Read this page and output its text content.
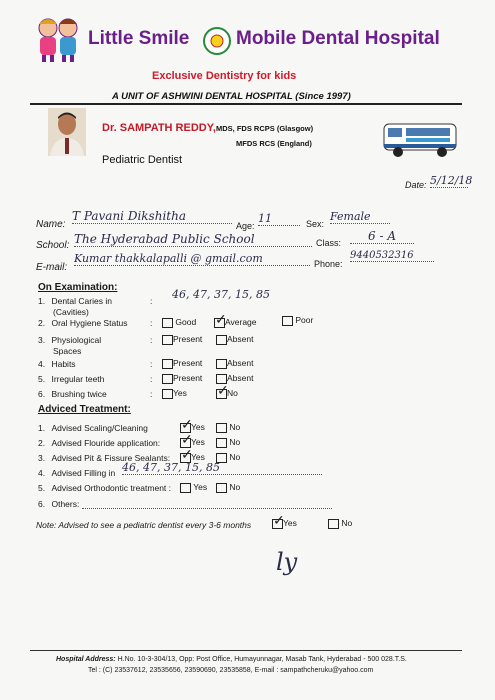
Little Smile Mobile Dental Hospital
Exclusive Dentistry for kids
A UNIT OF ASHWINI DENTAL HOSPITAL (Since 1997)
Dr. SAMPATH REDDY, MDS, FDS RCPS (Glasgow)
MFDS RCS (England)
Pediatric Dentist
Date: 5/12/18
Name:
T Pavani Dikshitha
Age:
11	Sex:
Female
School: The Hyderabad Public School	Class:	6 - A
E-mail:
Kumar thakkalapalli @ gmail.com	Phone:
9440532316
On Examination:
1. Dental Caries in
(Cavities)
: 46, 47, 37, 15, 85
2. Oral Hygiene Status	:	Good ✓	Average	Poor
3. Physiological
Spaces
:	Present	Absent
4. Habits	:	Present	Absent
5. Irregular teeth	:	Present	Absent
6. Brushing twice	:	Yes ✓	No
Adviced Treatment:
1. Advised Scaling/Cleaning ✓	Yes	No
2. Advised Flouride application: ✓	Yes	No
3. Advised Pit & Fissure Sealants: ✓	Yes	No
4. Advised Filling in 46, 47, 37, 15, 85
5. Advised Orthodontic treatment :	Yes	No
6. Others:
Note: Advised to see a pediatric dentist every 3-6 months ✓	Yes	No
ly
Hospital Address: H.No. 10-3-304/13, Opp: Post Office, Humayunnagar, Masab Tank, Hyderabad - 500 028.T.S.
Tel : (C) 23537612, 23535656, 23590690, 23535858, E-mail : sampathcheruku@yahoo.com
